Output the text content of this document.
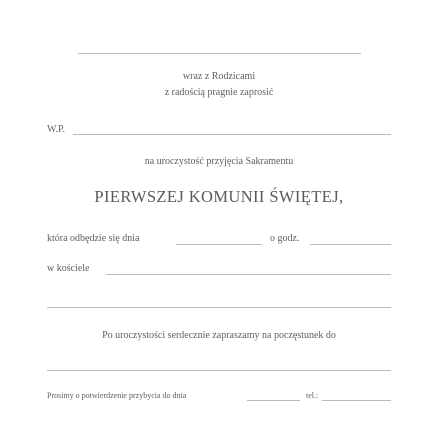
wraz z Rodzicami
z radością pragnie zaprosić
W.P.
na uroczystość przyjęcia Sakramentu
PIERWSZEJ KOMUNII ŚWIĘTEJ,
która odbędzie się dnia	o godz.
w kościele
Po uroczystości serdecznie zapraszamy na poczęstunek do
Prosimy o potwierdzenie przybycia do dnia	tel.:
